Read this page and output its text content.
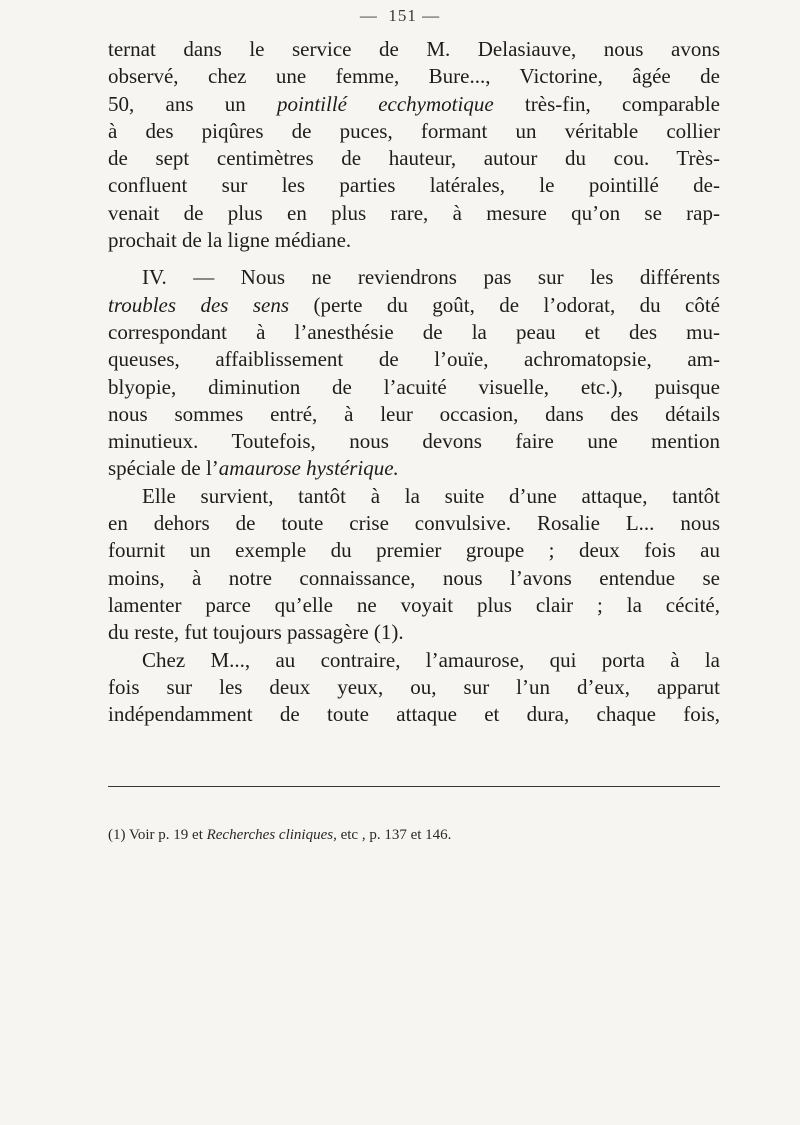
—  151 —
ternat dans le service de M. Delasiauve, nous avons
observé, chez une femme, Bure..., Victorine, âgée de
50, ans un pointillé ecchymotique très-fin, comparable
à des piqûres de puces, formant un véritable collier
de sept centimètres de hauteur, autour du cou. Très-
confluent sur les parties latérales, le pointillé de-
venait de plus en plus rare, à mesure qu’on se rap-
prochait de la ligne médiane.
IV. — Nous ne reviendrons pas sur les différents
troubles des sens (perte du goût, de l’odorat, du côté
correspondant à l’anesthésie de la peau et des mu-
queuses, affaiblissement de l’ouïe, achromatopsie, am-
blyopie, diminution de l’acuité visuelle, etc.), puisque
nous sommes entré, à leur occasion, dans des détails
minutieux. Toutefois, nous devons faire une mention
spéciale de l’amaurose hystérique.
Elle survient, tantôt à la suite d’une attaque, tantôt
en dehors de toute crise convulsive. Rosalie L... nous
fournit un exemple du premier groupe ; deux fois au
moins, à notre connaissance, nous l’avons entendue se
lamenter parce qu’elle ne voyait plus clair ; la cécité,
du reste, fut toujours passagère (1).
Chez M..., au contraire, l’amaurose, qui porta à la
fois sur les deux yeux, ou, sur l’un d’eux, apparut
indépendamment de toute attaque et dura, chaque fois,
(1) Voir p. 19 et Recherches cliniques, etc , p. 137 et 146.
